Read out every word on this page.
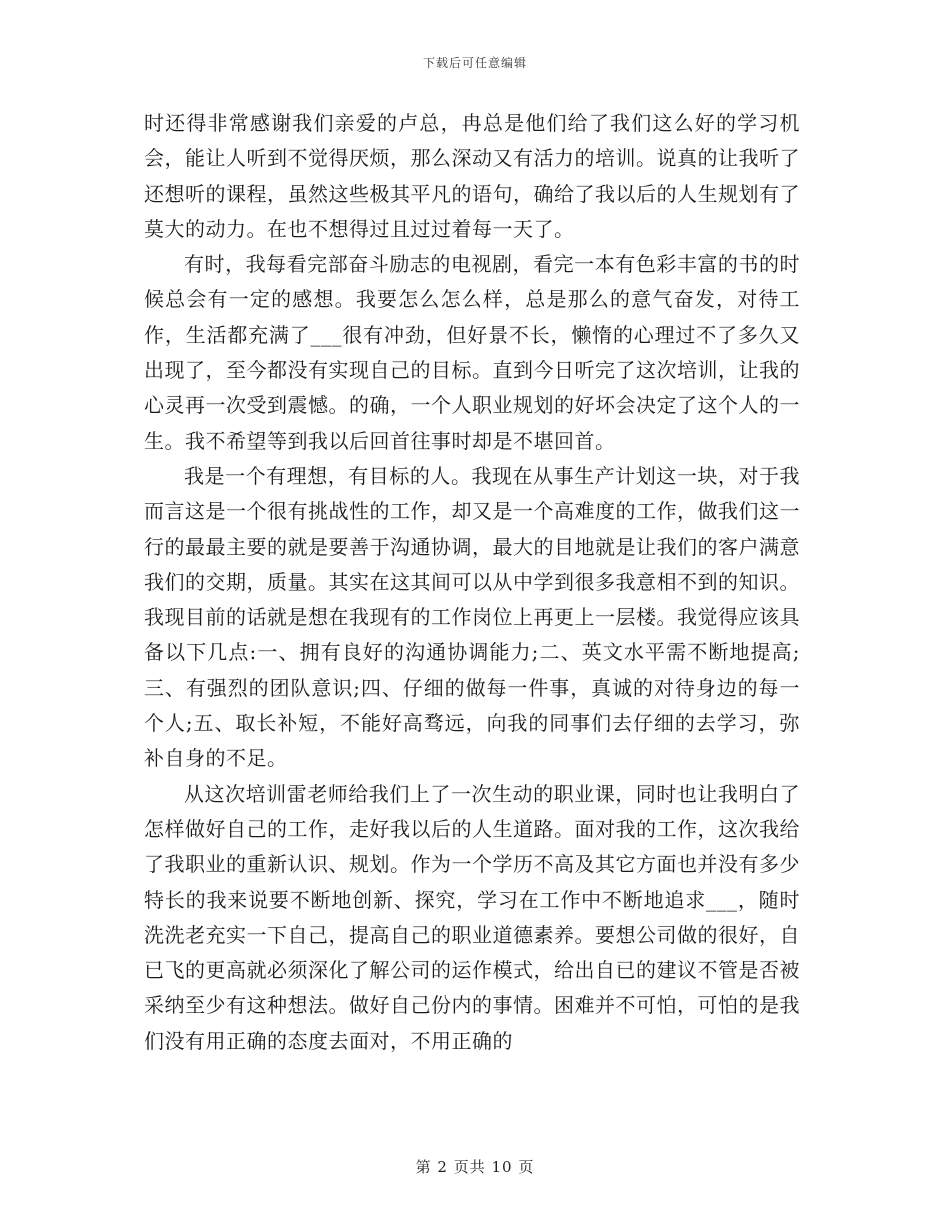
下载后可任意编辑

时还得非常感谢我们亲爱的卢总，冉总是他们给了我们这么好的学习机会，能让人听到不觉得厌烦，那么深动又有活力的培训。说真的让我听了还想听的课程，虽然这些极其平凡的语句，确给了我以后的人生规划有了莫大的动力。在也不想得过且过过着每一天了。

有时，我每看完部奋斗励志的电视剧，看完一本有色彩丰富的书的时候总会有一定的感想。我要怎么怎么样，总是那么的意气奋发，对待工作，生活都充满了___很有冲劲，但好景不长，懒惰的心理过不了多久又出现了，至今都没有实现自己的目标。直到今日听完了这次培训，让我的心灵再一次受到震憾。的确，一个人职业规划的好坏会决定了这个人的一生。我不希望等到我以后回首往事时却是不堪回首。

我是一个有理想，有目标的人。我现在从事生产计划这一块，对于我而言这是一个很有挑战性的工作，却又是一个高难度的工作，做我们这一行的最最主要的就是要善于沟通协调，最大的目地就是让我们的客户满意我们的交期，质量。其实在这其间可以从中学到很多我意相不到的知识。我现目前的话就是想在我现有的工作岗位上再更上一层楼。我觉得应该具备以下几点:一、拥有良好的沟通协调能力;二、英文水平需不断地提高;三、有强烈的团队意识;四、仔细的做每一件事，真诚的对待身边的每一个人;五、取长补短，不能好高骛远，向我的同事们去仔细的去学习，弥补自身的不足。

从这次培训雷老师给我们上了一次生动的职业课，同时也让我明白了怎样做好自己的工作，走好我以后的人生道路。面对我的工作，这次我给了我职业的重新认识、规划。作为一个学历不高及其它方面也并没有多少特长的我来说要不断地创新、探究，学习在工作中不断地追求___，随时洗洗老充实一下自己，提高自己的职业道德素养。要想公司做的很好，自已飞的更高就必须深化了解公司的运作模式，给出自已的建议不管是否被采纳至少有这种想法。做好自己份内的事情。困难并不可怕，可怕的是我们没有用正确的态度去面对，不用正确的

第 2 页共 10 页
